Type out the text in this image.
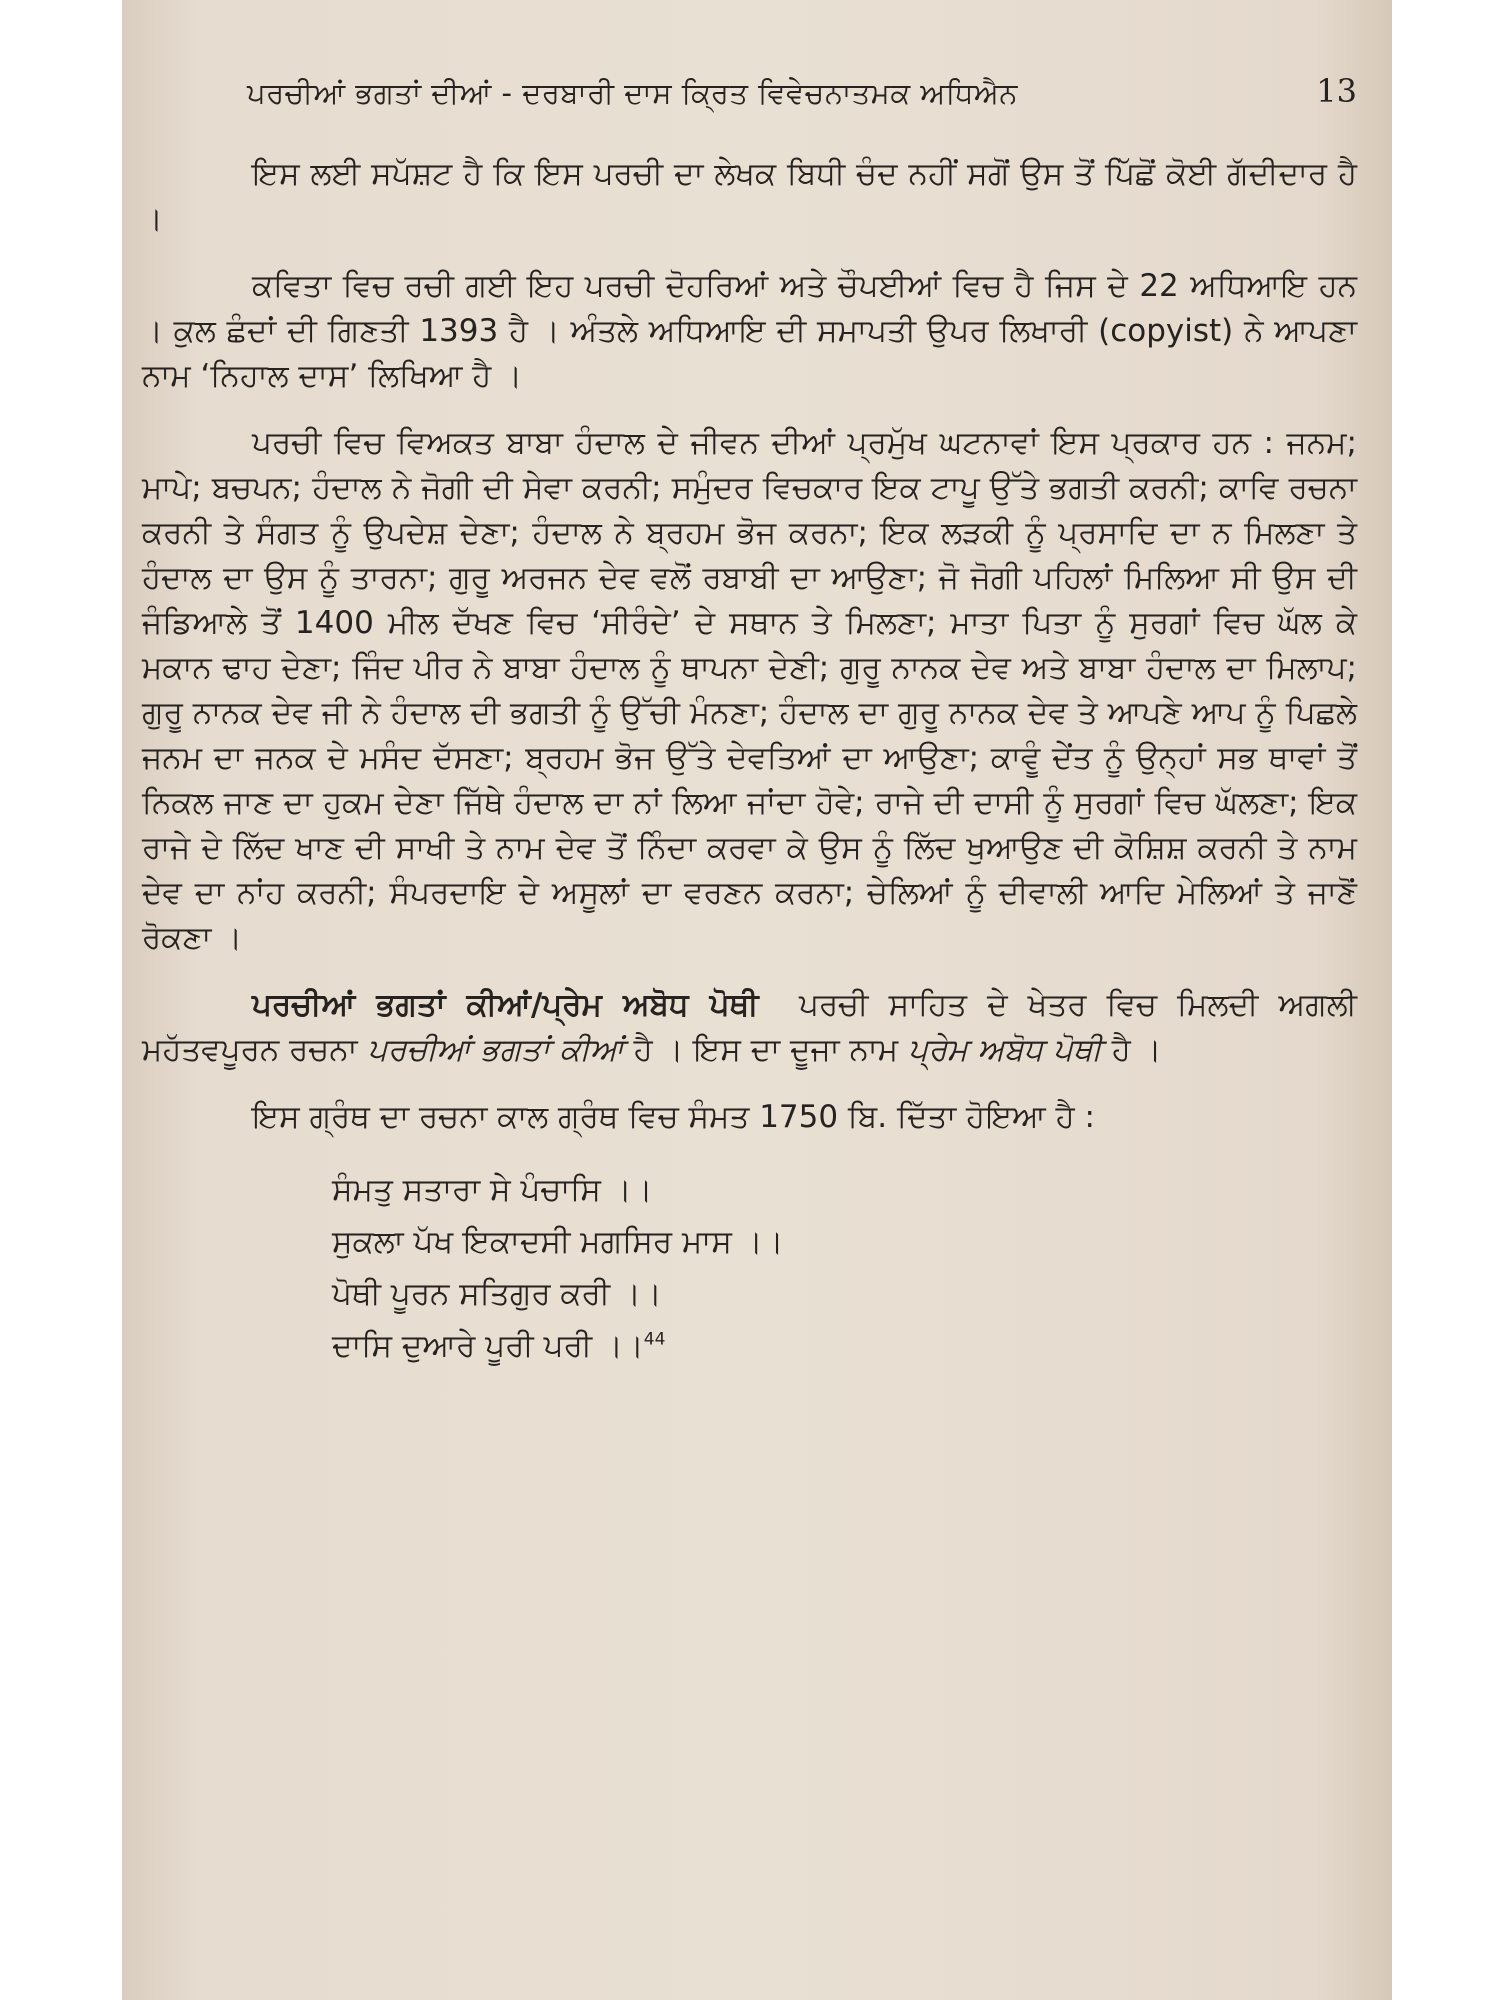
ਪਰਚੀਆਂ ਭਗਤਾਂ ਦੀਆਂ - ਦਰਬਾਰੀ ਦਾਸ ਕ੍ਰਿਤ ਵਿਵੇਚਨਾਤਮਕ ਅਧਿਐਨ	13

ਇਸ ਲਈ ਸਪੱਸ਼ਟ ਹੈ ਕਿ ਇਸ ਪਰਚੀ ਦਾ ਲੇਖਕ ਬਿਧੀ ਚੰਦ ਨਹੀਂ ਸਗੋਂ ਉਸ ਤੋਂ ਪਿੱਛੋਂ ਕੋਈ ਗੱਦੀਦਾਰ ਹੈ ।

ਕਵਿਤਾ ਵਿਚ ਰਚੀ ਗਈ ਇਹ ਪਰਚੀ ਦੋਹਰਿਆਂ ਅਤੇ ਚੌਪਈਆਂ ਵਿਚ ਹੈ ਜਿਸ ਦੇ 22 ਅਧਿਆਇ ਹਨ । ਕੁਲ ਛੰਦਾਂ ਦੀ ਗਿਣਤੀ 1393 ਹੈ । ਅੰਤਲੇ ਅਧਿਆਇ ਦੀ ਸਮਾਪਤੀ ਉਪਰ ਲਿਖਾਰੀ (copyist) ਨੇ ਆਪਣਾ ਨਾਮ ‘ਨਿਹਾਲ ਦਾਸ’ ਲਿਖਿਆ ਹੈ ।

ਪਰਚੀ ਵਿਚ ਵਿਅਕਤ ਬਾਬਾ ਹੰਦਾਲ ਦੇ ਜੀਵਨ ਦੀਆਂ ਪ੍ਰਮੁੱਖ ਘਟਨਾਵਾਂ ਇਸ ਪ੍ਰਕਾਰ ਹਨ : ਜਨਮ; ਮਾਪੇ; ਬਚਪਨ; ਹੰਦਾਲ ਨੇ ਜੋਗੀ ਦੀ ਸੇਵਾ ਕਰਨੀ; ਸਮੁੰਦਰ ਵਿਚਕਾਰ ਇਕ ਟਾਪੂ ਉੱਤੇ ਭਗਤੀ ਕਰਨੀ; ਕਾਵਿ ਰਚਨਾ ਕਰਨੀ ਤੇ ਸੰਗਤ ਨੂੰ ਉਪਦੇਸ਼ ਦੇਣਾ; ਹੰਦਾਲ ਨੇ ਬ੍ਰਹਮ ਭੋਜ ਕਰਨਾ; ਇਕ ਲੜਕੀ ਨੂੰ ਪ੍ਰਸਾਦਿ ਦਾ ਨ ਮਿਲਣਾ ਤੇ ਹੰਦਾਲ ਦਾ ਉਸ ਨੂੰ ਤਾਰਨਾ; ਗੁਰੂ ਅਰਜਨ ਦੇਵ ਵਲੋਂ ਰਬਾਬੀ ਦਾ ਆਉਣਾ; ਜੋ ਜੋਗੀ ਪਹਿਲਾਂ ਮਿਲਿਆ ਸੀ ਉਸ ਦੀ ਜੰਡਿਆਲੇ ਤੋਂ 1400 ਮੀਲ ਦੱਖਣ ਵਿਚ ‘ਸੀਰੰਦੇ’ ਦੇ ਸਥਾਨ ਤੇ ਮਿਲਣਾ; ਮਾਤਾ ਪਿਤਾ ਨੂੰ ਸੁਰਗਾਂ ਵਿਚ ਘੱਲ ਕੇ ਮਕਾਨ ਢਾਹ ਦੇਣਾ; ਜਿੰਦ ਪੀਰ ਨੇ ਬਾਬਾ ਹੰਦਾਲ ਨੂੰ ਥਾਪਨਾ ਦੇਣੀ; ਗੁਰੂ ਨਾਨਕ ਦੇਵ ਅਤੇ ਬਾਬਾ ਹੰਦਾਲ ਦਾ ਮਿਲਾਪ; ਗੁਰੂ ਨਾਨਕ ਦੇਵ ਜੀ ਨੇ ਹੰਦਾਲ ਦੀ ਭਗਤੀ ਨੂੰ ਉੱਚੀ ਮੰਨਣਾ; ਹੰਦਾਲ ਦਾ ਗੁਰੂ ਨਾਨਕ ਦੇਵ ਤੇ ਆਪਣੇ ਆਪ ਨੂੰ ਪਿਛਲੇ ਜਨਮ ਦਾ ਜਨਕ ਦੇ ਮਸੰਦ ਦੱਸਣਾ; ਬ੍ਰਹਮ ਭੋਜ ਉੱਤੇ ਦੇਵਤਿਆਂ ਦਾ ਆਉਣਾ; ਕਾਵੂੰ ਦੇਂਤ ਨੂੰ ਉਨ੍ਹਾਂ ਸਭ ਥਾਵਾਂ ਤੋਂ ਨਿਕਲ ਜਾਣ ਦਾ ਹੁਕਮ ਦੇਣਾ ਜਿੱਥੇ ਹੰਦਾਲ ਦਾ ਨਾਂ ਲਿਆ ਜਾਂਦਾ ਹੋਵੇ; ਰਾਜੇ ਦੀ ਦਾਸੀ ਨੂੰ ਸੁਰਗਾਂ ਵਿਚ ਘੱਲਣਾ; ਇਕ ਰਾਜੇ ਦੇ ਲਿੱਦ ਖਾਣ ਦੀ ਸਾਖੀ ਤੇ ਨਾਮ ਦੇਵ ਤੋਂ ਨਿੰਦਾ ਕਰਵਾ ਕੇ ਉਸ ਨੂੰ ਲਿੱਦ ਖੁਆਉਣ ਦੀ ਕੋਸ਼ਿਸ਼ ਕਰਨੀ ਤੇ ਨਾਮ ਦੇਵ ਦਾ ਨਾਂਹ ਕਰਨੀ; ਸੰਪਰਦਾਇ ਦੇ ਅਸੂਲਾਂ ਦਾ ਵਰਣਨ ਕਰਨਾ; ਚੇਲਿਆਂ ਨੂੰ ਦੀਵਾਲੀ ਆਦਿ ਮੇਲਿਆਂ ਤੇ ਜਾਣੋਂ ਰੋਕਣਾ ।

ਪਰਚੀਆਂ ਭਗਤਾਂ ਕੀਆਂ/ਪ੍ਰੇਮ ਅਬੋਧ ਪੋਥੀ ਪਰਚੀ ਸਾਹਿਤ ਦੇ ਖੇਤਰ ਵਿਚ ਮਿਲਦੀ ਅਗਲੀ ਮਹੱਤਵਪੂਰਨ ਰਚਨਾ ਪਰਚੀਆਂ ਭਗਤਾਂ ਕੀਆਂ ਹੈ । ਇਸ ਦਾ ਦੂਜਾ ਨਾਮ ਪ੍ਰੇਮ ਅਬੋਧ ਪੋਥੀ ਹੈ ।

ਇਸ ਗ੍ਰੰਥ ਦਾ ਰਚਨਾ ਕਾਲ ਗ੍ਰੰਥ ਵਿਚ ਸੰਮਤ 1750 ਬਿ. ਦਿੱਤਾ ਹੋਇਆ ਹੈ :

ਸੰਮਤੁ ਸਤਾਰਾ ਸੇ ਪੰਚਾਸਿ ।।
ਸੁਕਲਾ ਪੱਖ ਇਕਾਦਸੀ ਮਗਸਿਰ ਮਾਸ ।।
ਪੋਥੀ ਪੂਰਨ ਸਤਿਗੁਰ ਕਰੀ ।।
ਦਾਸਿ ਦੁਆਰੇ ਪੂਰੀ ਪਰੀ ।।$^{44}$
